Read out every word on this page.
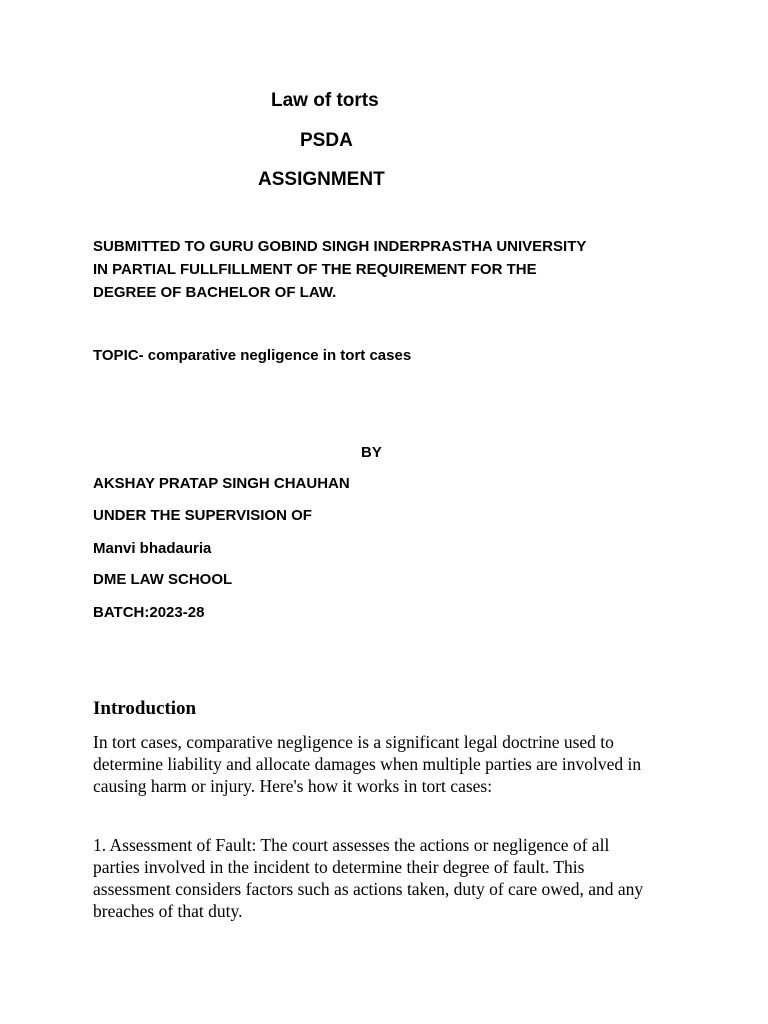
Law of torts
PSDA
ASSIGNMENT
SUBMITTED TO GURU GOBIND SINGH INDERPRASTHA UNIVERSITY
IN PARTIAL FULLFILLMENT OF THE REQUIREMENT FOR THE
DEGREE OF BACHELOR OF LAW.
TOPIC- comparative negligence in tort cases
BY
AKSHAY PRATAP SINGH CHAUHAN
UNDER THE SUPERVISION OF
Manvi bhadauria
DME LAW SCHOOL
BATCH:2023-28
Introduction
In tort cases, comparative negligence is a significant legal doctrine used to
determine liability and allocate damages when multiple parties are involved in
causing harm or injury. Here's how it works in tort cases:
1. Assessment of Fault: The court assesses the actions or negligence of all
parties involved in the incident to determine their degree of fault. This
assessment considers factors such as actions taken, duty of care owed, and any
breaches of that duty.
